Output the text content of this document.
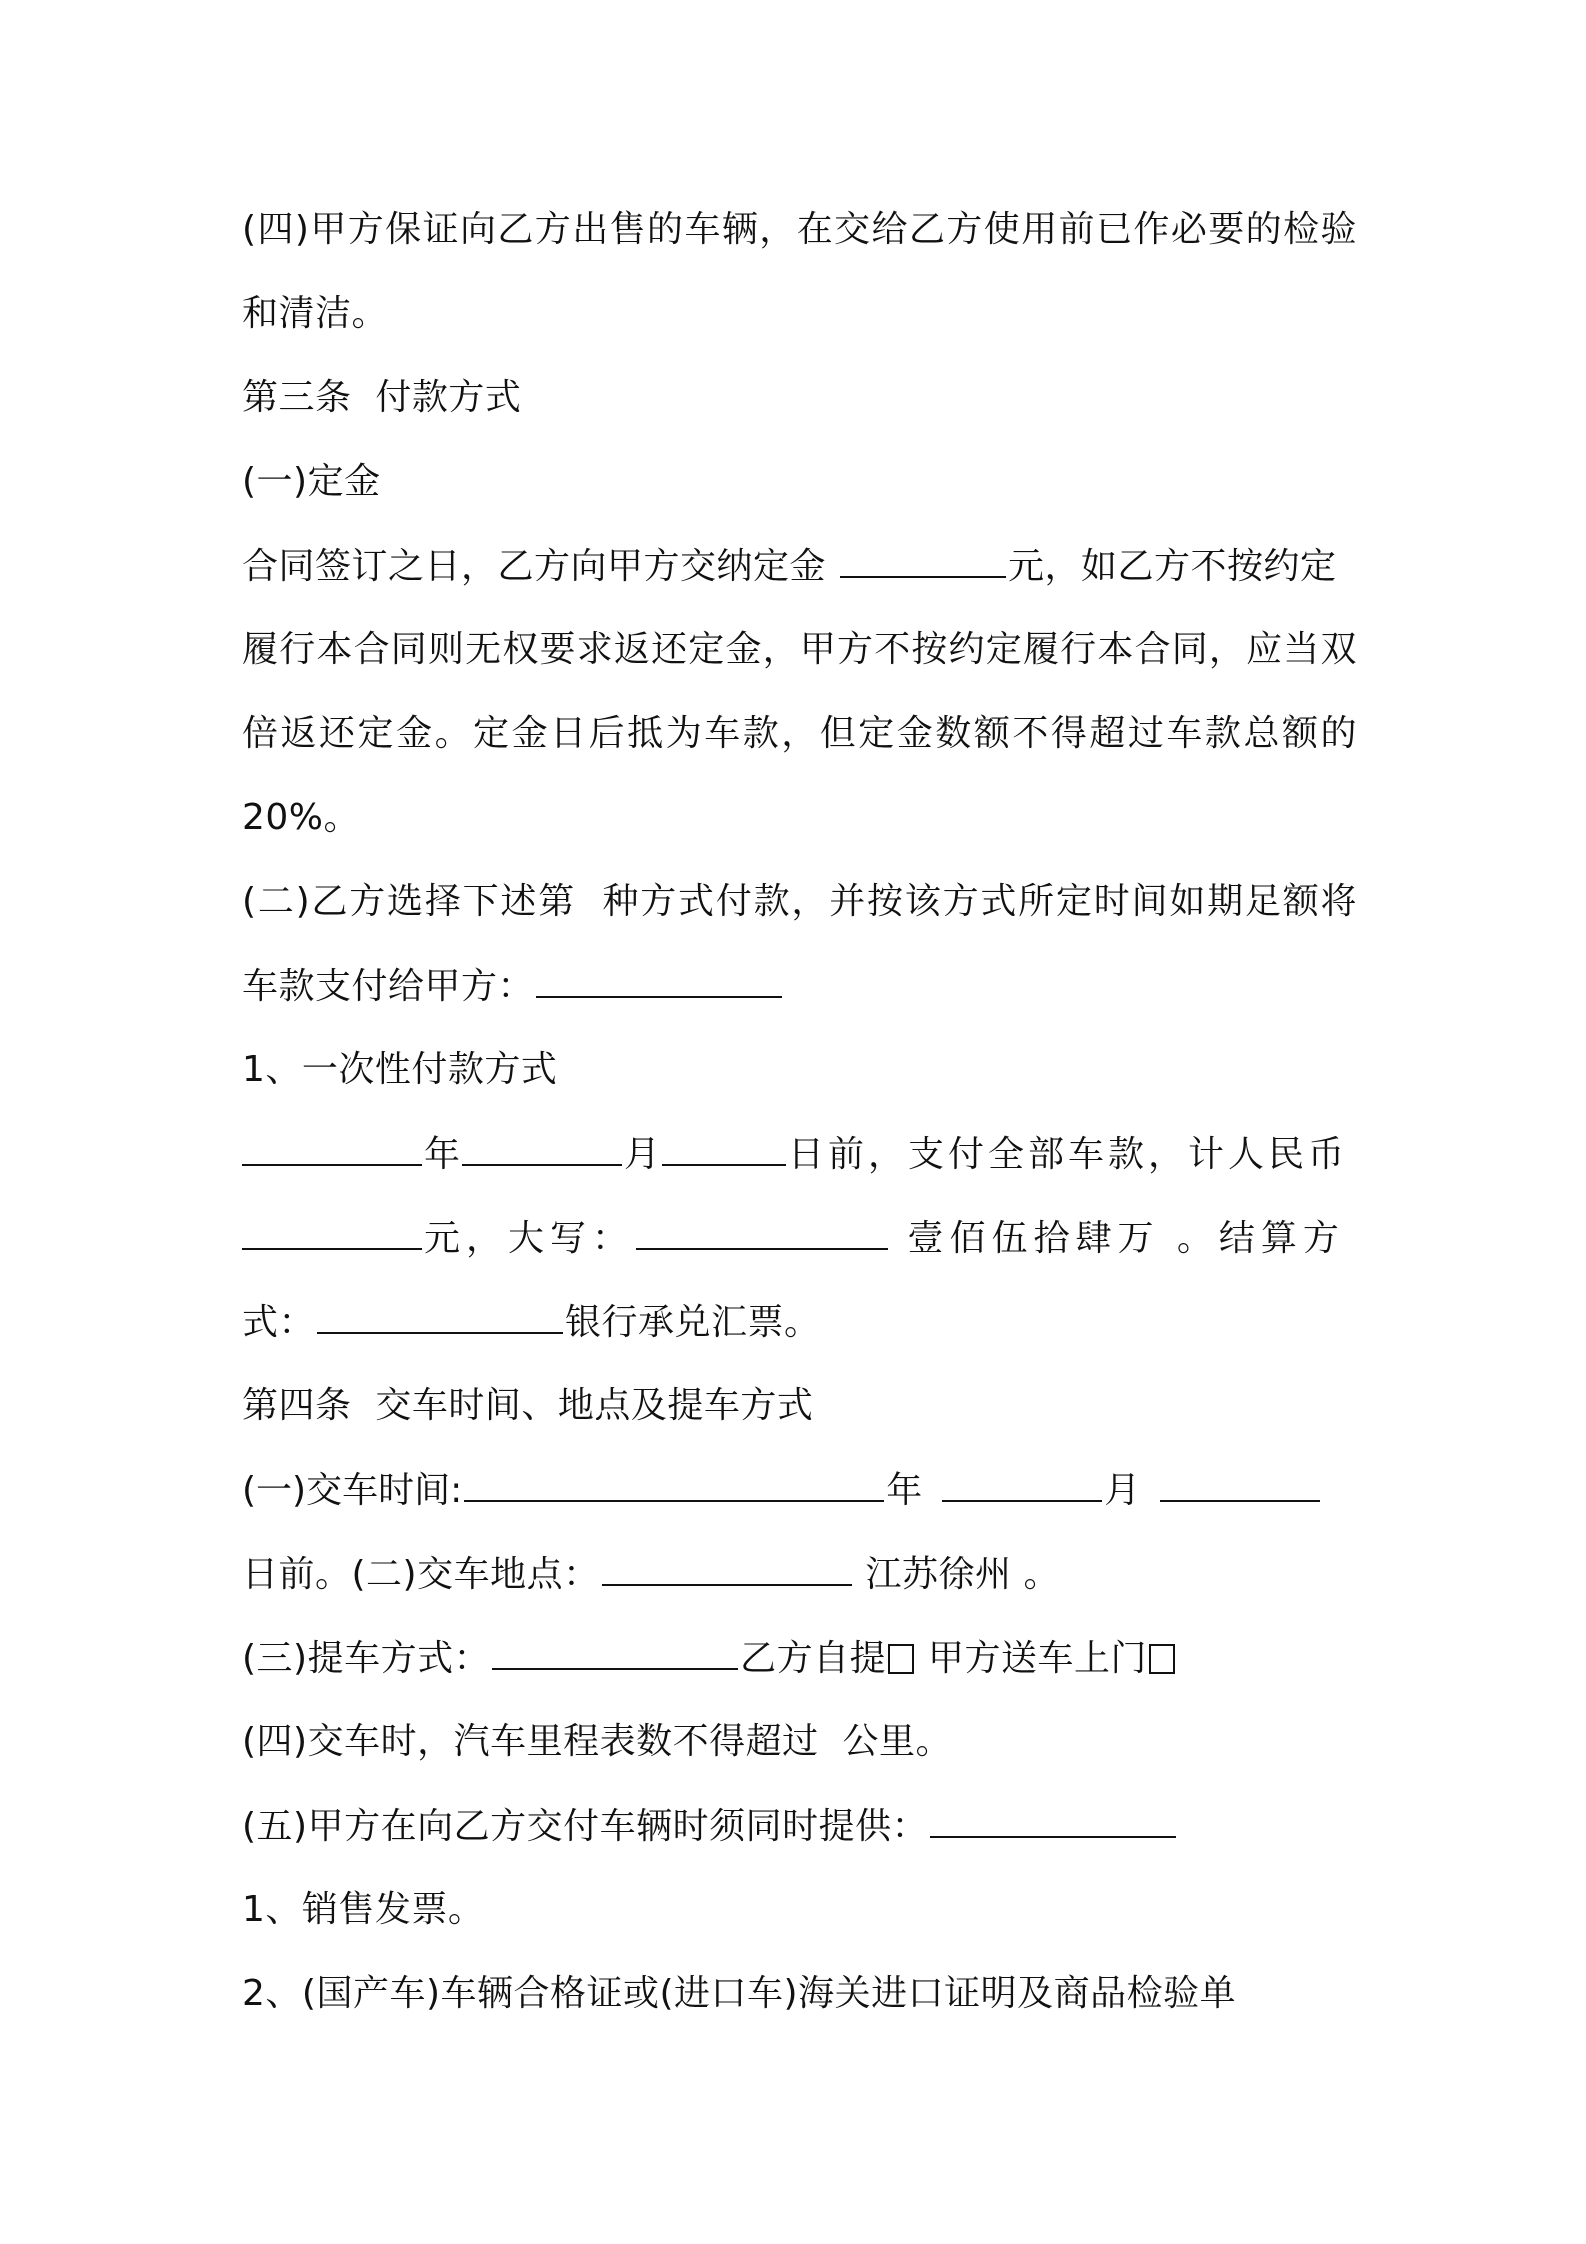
(四)甲方保证向乙方出售的车辆，在交给乙方使用前已作必要的检验
和清洁。
第三条  付款方式
(一)定金
合同签订之日，乙方向甲方交纳定金	元，如乙方不按约定
履行本合同则无权要求返还定金，甲方不按约定履行本合同，应当双
倍返还定金。定金日后抵为车款，但定金数额不得超过车款总额的
20%。
(二)乙方选择下述第  种方式付款，并按该方式所定时间如期足额将
车款支付给甲方：
1、一次性付款方式
年	月	日前，支付全部车款，计人民币
元，大写：	壹佰伍拾肆万 。结算方
式：	银行承兑汇票。
第四条  交车时间、地点及提车方式
(一)交车时间:	年	月
日前。(二)交车地点：	江苏徐州 。
(三)提车方式：	乙方自提 甲方送车上门
(四)交车时，汽车里程表数不得超过  公里。
(五)甲方在向乙方交付车辆时须同时提供：
1、销售发票。
2、(国产车)车辆合格证或(进口车)海关进口证明及商品检验单
